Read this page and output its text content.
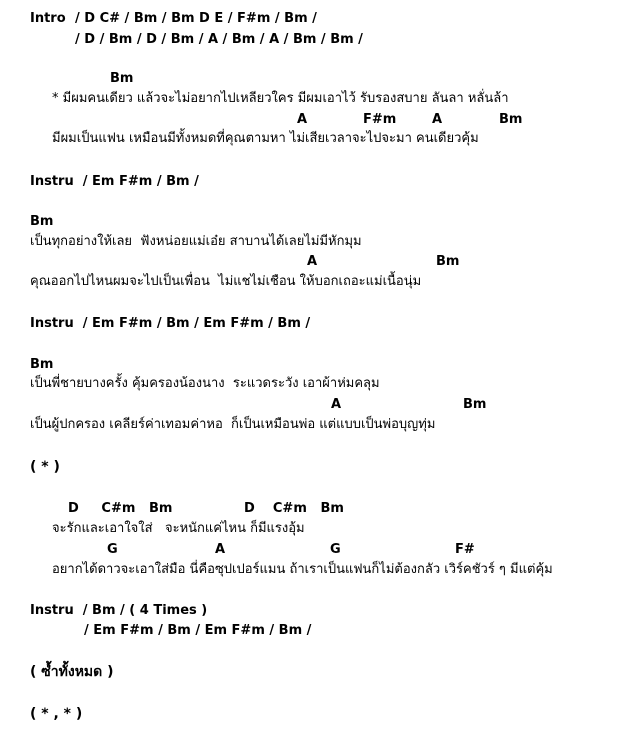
Intro / D C# / Bm / Bm D E / F#m / Bm /
/ D / Bm / D / Bm / A / Bm / A / Bm / Bm /
Bm
* มีผมคนเดียว แล้วจะไม่อยากไปเหลียวใคร มีผมเอาไว้ รับรองสบาย ลันลา หลั่นล้า
A	F#m	A	Bm
มีผมเป็นแฟน เหมือนมีทั้งหมดที่คุณตามหา ไม่เสียเวลาจะไปจะมา คนเดียวคุ้ม
Instru  / Em F#m / Bm /
Bm
เป็นทุกอย่างให้เลย  ฟังหน่อยแม่เอ๋ย สาบานได้เลยไม่มีหักมุม
A	Bm
คุณออกไปไหนผมจะไปเป็นเพื่อน  ไม่แชไม่เชือน ให้บอกเถอะแม่เนื้อนุ่ม
Instru  / Em F#m / Bm / Em F#m / Bm /
Bm
เป็นพี่ชายบางครั้ง คุ้มครองน้องนาง  ระแวดระวัง เอาผ้าห่มคลุม
A	Bm
เป็นผู้ปกครอง เคลียร์ค่าเทอมค่าหอ  ก็เป็นเหมือนพ่อ แต่แบบเป็นพ่อบุญทุ่ม
( * )
D     C#m   Bm	D    C#m   Bm
จะรักและเอาใจใส่   จะหนักแค่ไหน ก็มีแรงอุ้ม
G	A	G	F#
อยากได้ดาวจะเอาใส่มือ นี่คือซุปเปอร์แมน ถ้าเราเป็นแฟนก็ไม่ต้องกลัว เวิร์คชัวร์ ๆ มีแต่คุ้ม
Instru  / Bm / ( 4 Times )
/ Em F#m / Bm / Em F#m / Bm /
( ซ้ำทั้งหมด )
( * , * )
